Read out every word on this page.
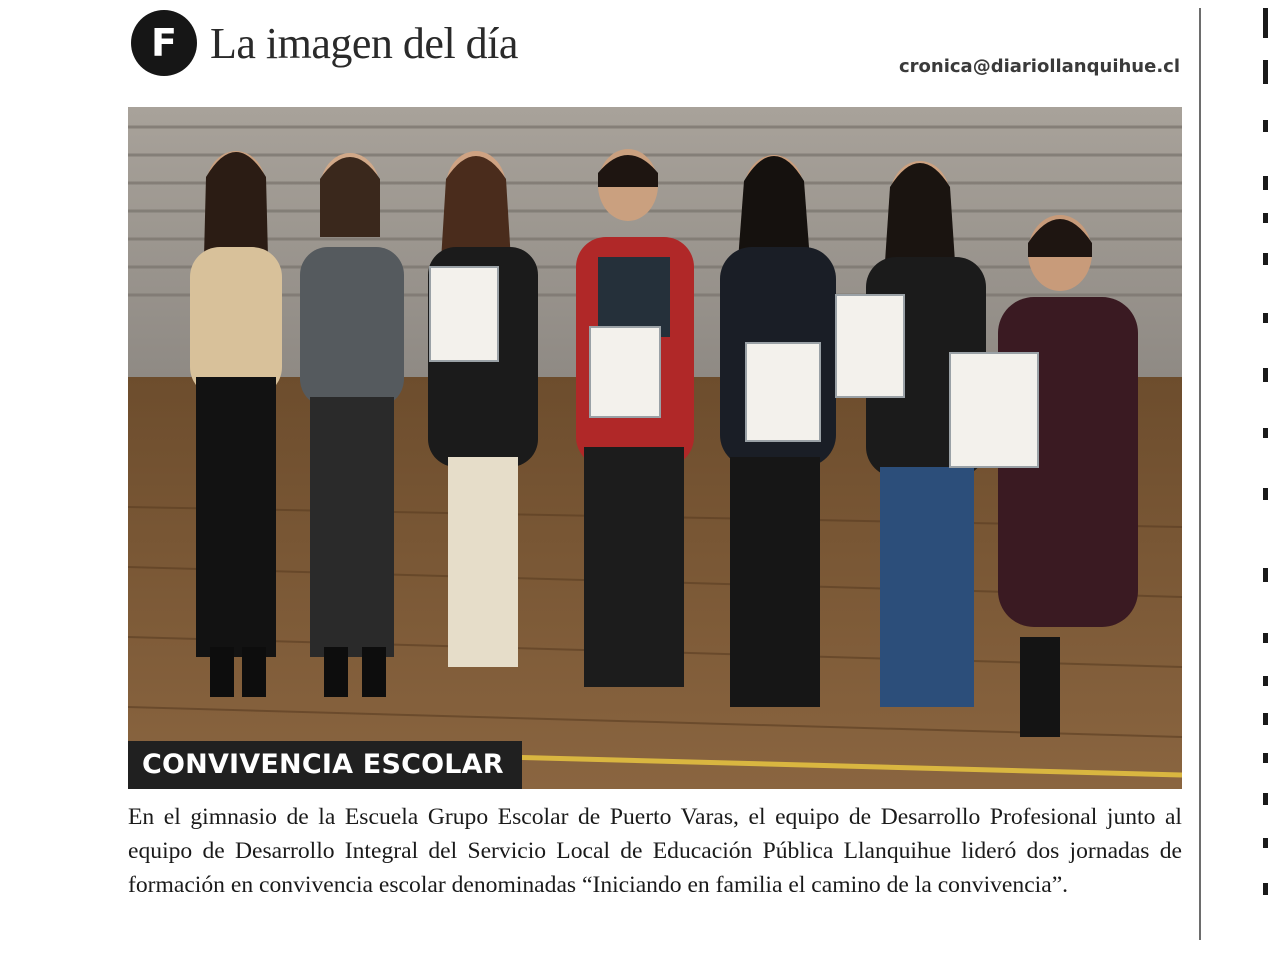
F La imagen del día	cronica@diariollanquihue.cl
CONVIVENCIA ESCOLAR
En el gimnasio de la Escuela Grupo Escolar de Puerto Varas, el equipo de Desarrollo Profesional junto al equipo de Desarrollo Integral del Servicio Local de Educación Pública Llanquihue lideró dos jornadas de formación en convivencia escolar denominadas “Iniciando en familia el camino de la convivencia”.
